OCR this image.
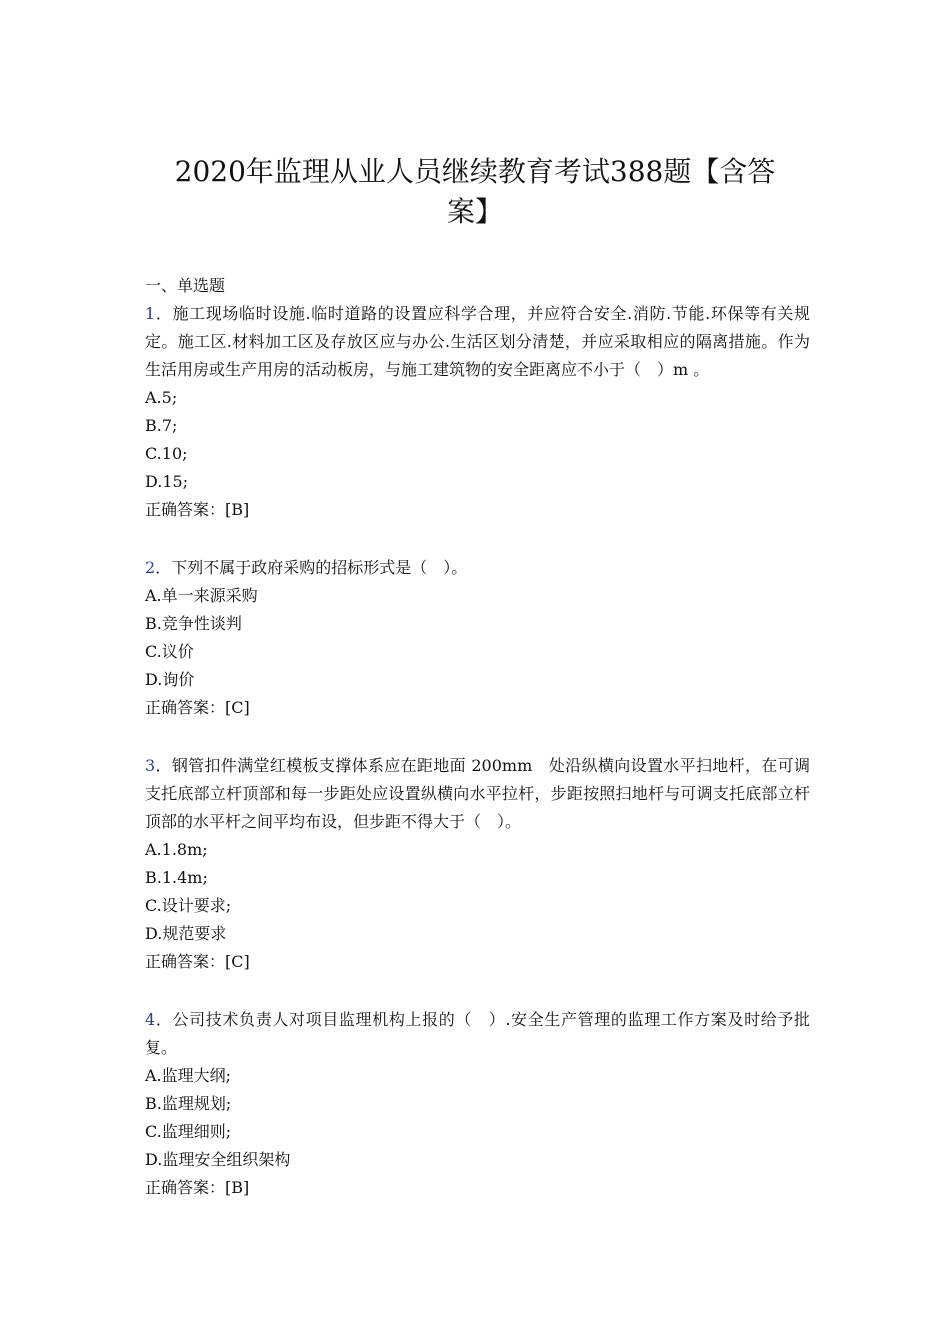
2020年监理从业人员继续教育考试388题【含答案】

一、单选题

1．施工现场临时设施.临时道路的设置应科学合理，并应符合安全.消防.节能.环保等有关规定。施工区.材料加工区及存放区应与办公.生活区划分清楚，并应采取相应的隔离措施。作为生活用房或生产用房的活动板房，与施工建筑物的安全距离应不小于（　）m 。

A.5;

B.7;

C.10;

D.15;

正确答案：[B]

2．下列不属于政府采购的招标形式是（　）。

A.单一来源采购

B.竞争性谈判

C.议价

D.询价

正确答案：[C]

3．钢管扣件满堂红模板支撑体系应在距地面 200mm　处沿纵横向设置水平扫地杆，在可调支托底部立杆顶部和每一步距处应设置纵横向水平拉杆，步距按照扫地杆与可调支托底部立杆顶部的水平杆之间平均布设，但步距不得大于（　）。

A.1.8m;

B.1.4m;

C.设计要求;

D.规范要求

正确答案：[C]

4．公司技术负责人对项目监理机构上报的（　）.安全生产管理的监理工作方案及时给予批复。

A.监理大纲;

B.监理规划;

C.监理细则;

D.监理安全组织架构

正确答案：[B]
